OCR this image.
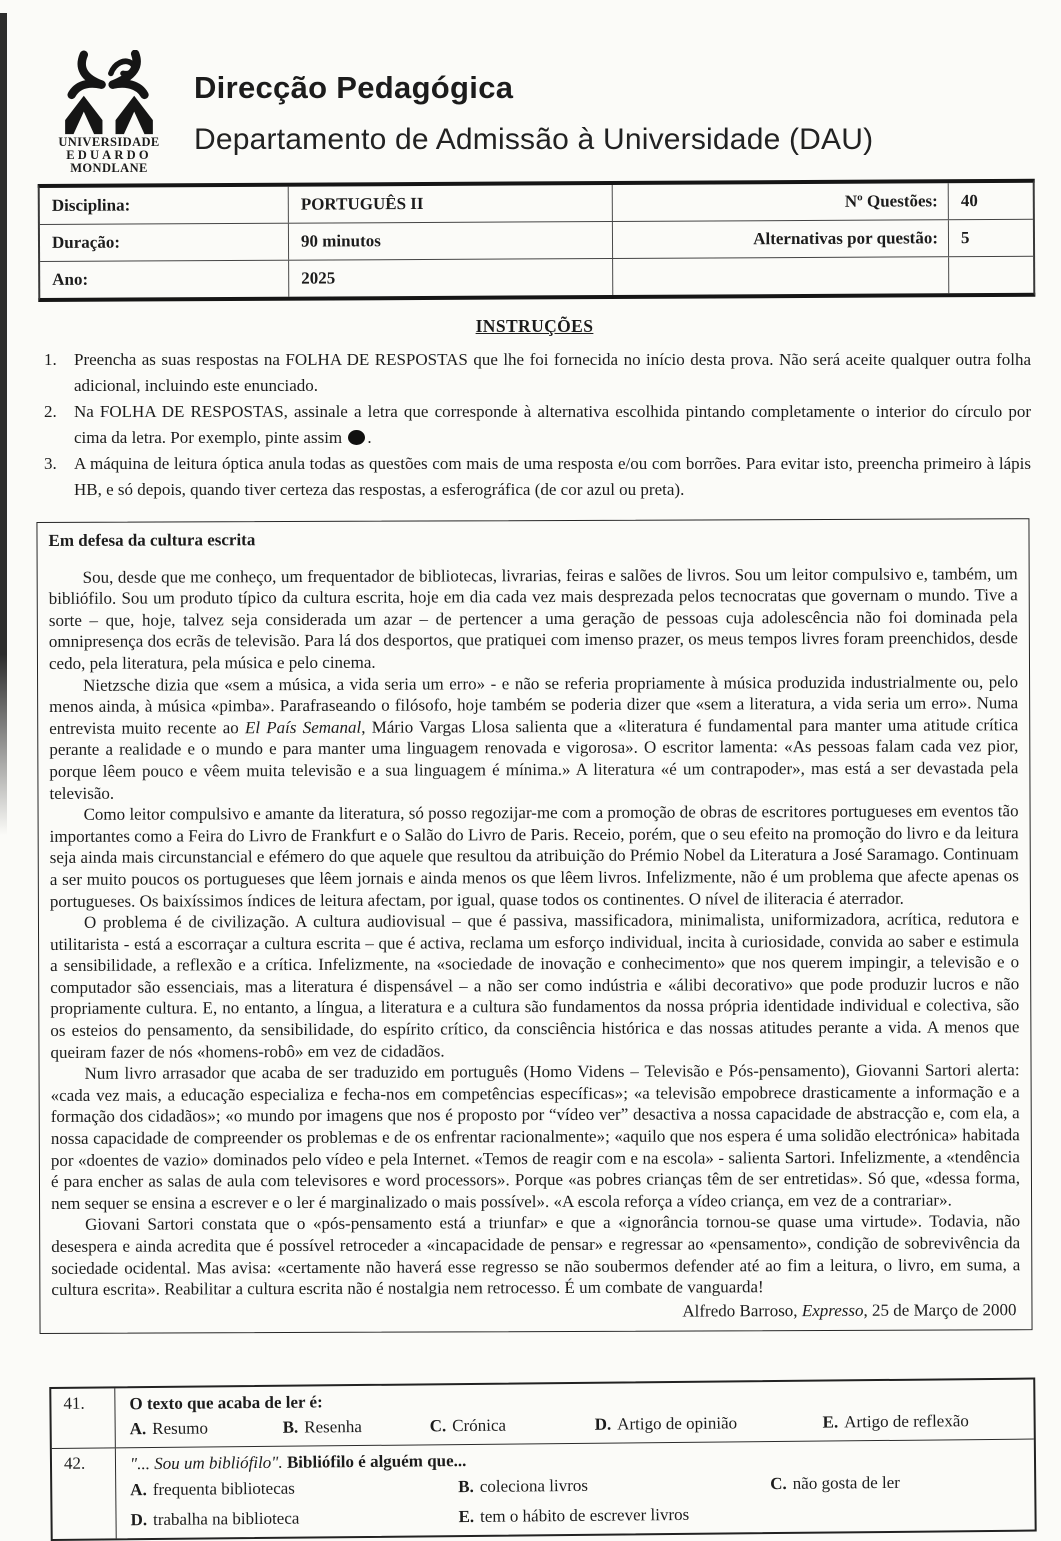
UNIVERSIDADE
EDUARDO
MONDLANE
Direcção Pedagógica
Departamento de Admissão à Universidade (DAU)
Disciplina:	PORTUGUÊS II	Nº Questões:	40
Duração:	90 minutos	Alternativas por questão:	5
Ano:	2025
INSTRUÇÕES
1.	Preencha as suas respostas na FOLHA DE RESPOSTAS que lhe foi fornecida no início desta prova. Não será aceite qualquer outra folha adicional, incluindo este enunciado.
2.	Na FOLHA DE RESPOSTAS, assinale a letra que corresponde à alternativa escolhida pintando completamente o interior do círculo por cima da letra. Por exemplo, pinte assim .
3.	A máquina de leitura óptica anula todas as questões com mais de uma resposta e/ou com borrões. Para evitar isto, preencha primeiro à lápis HB, e só depois, quando tiver certeza das respostas, a esferográfica (de cor azul ou preta).

Em defesa da cultura escrita

Sou, desde que me conheço, um frequentador de bibliotecas, livrarias, feiras e salões de livros. Sou um leitor compulsivo e, também, um bibliófilo. Sou um produto típico da cultura escrita, hoje em dia cada vez mais desprezada pelos tecnocratas que governam o mundo. Tive a sorte – que, hoje, talvez seja considerada um azar – de pertencer a uma geração de pessoas cuja adolescência não foi dominada pela omnipresença dos ecrãs de televisão. Para lá dos desportos, que pratiquei com imenso prazer, os meus tempos livres foram preenchidos, desde cedo, pela literatura, pela música e pelo cinema.

Nietzsche dizia que «sem a música, a vida seria um erro» - e não se referia propriamente à música produzida industrialmente ou, pelo menos ainda, à música «pimba». Parafraseando o filósofo, hoje também se poderia dizer que «sem a literatura, a vida seria um erro». Numa entrevista muito recente ao El País Semanal, Mário Vargas Llosa salienta que a «literatura é fundamental para manter uma atitude crítica perante a realidade e o mundo e para manter uma linguagem renovada e vigorosa». O escritor lamenta: «As pessoas falam cada vez pior, porque lêem pouco e vêem muita televisão e a sua linguagem é mínima.» A literatura «é um contrapoder», mas está a ser devastada pela televisão.

Como leitor compulsivo e amante da literatura, só posso regozijar-me com a promoção de obras de escritores portugueses em eventos tão importantes como a Feira do Livro de Frankfurt e o Salão do Livro de Paris. Receio, porém, que o seu efeito na promoção do livro e da leitura seja ainda mais circunstancial e efémero do que aquele que resultou da atribuição do Prémio Nobel da Literatura a José Saramago. Continuam a ser muito poucos os portugueses que lêem jornais e ainda menos os que lêem livros. Infelizmente, não é um problema que afecte apenas os portugueses. Os baixíssimos índices de leitura afectam, por igual, quase todos os continentes. O nível de iliteracia é aterrador.

O problema é de civilização. A cultura audiovisual – que é passiva, massificadora, minimalista, uniformizadora, acrítica, redutora e utilitarista - está a escorraçar a cultura escrita – que é activa, reclama um esforço individual, incita à curiosidade, convida ao saber e estimula a sensibilidade, a reflexão e a crítica. Infelizmente, na «sociedade de inovação e conhecimento» que nos querem impingir, a televisão e o computador são essenciais, mas a literatura é dispensável – a não ser como indústria e «álibi decorativo» que pode produzir lucros e não propriamente cultura. E, no entanto, a língua, a literatura e a cultura são fundamentos da nossa própria identidade individual e colectiva, são os esteios do pensamento, da sensibilidade, do espírito crítico, da consciência histórica e das nossas atitudes perante a vida. A menos que queiram fazer de nós «homens-robô» em vez de cidadãos.

Num livro arrasador que acaba de ser traduzido em português (Homo Videns – Televisão e Pós-pensamento), Giovanni Sartori alerta: «cada vez mais, a educação especializa e fecha-nos em competências específicas»; «a televisão empobrece drasticamente a informação e a formação dos cidadãos»; «o mundo por imagens que nos é proposto por “vídeo ver” desactiva a nossa capacidade de abstracção e, com ela, a nossa capacidade de compreender os problemas e de os enfrentar racionalmente»; «aquilo que nos espera é uma solidão electrónica» habitada por «doentes de vazio» dominados pelo vídeo e pela Internet. «Temos de reagir com e na escola» - salienta Sartori. Infelizmente, a «tendência é para encher as salas de aula com televisores e word processors». Porque «as pobres crianças têm de ser entretidas». Só que, «dessa forma, nem sequer se ensina a escrever e o ler é marginalizado o mais possível». «A escola reforça a vídeo criança, em vez de a contrariar».

Giovani Sartori constata que o «pós-pensamento está a triunfar» e que a «ignorância tornou-se quase uma virtude». Todavia, não desespera e ainda acredita que é possível retroceder a «incapacidade de pensar» e regressar ao «pensamento», condição de sobrevivência da sociedade ocidental. Mas avisa: «certamente não haverá esse regresso se não soubermos defender até ao fim a leitura, o livro, em suma, a cultura escrita». Reabilitar a cultura escrita não é nostalgia nem retrocesso. É um combate de vanguarda!

Alfredo Barroso, Expresso, 25 de Março de 2000
41.	O texto que acaba de ler é:
A. Resumo	B. Resenha	C. Crónica	D. Artigo de opinião	E. Artigo de reflexão
42.	"... Sou um bibliófilo". Bibliófilo é alguém que...
A. frequenta bibliotecas	B. coleciona livros	C. não gosta de ler
D. trabalha na biblioteca	E. tem o hábito de escrever livros
